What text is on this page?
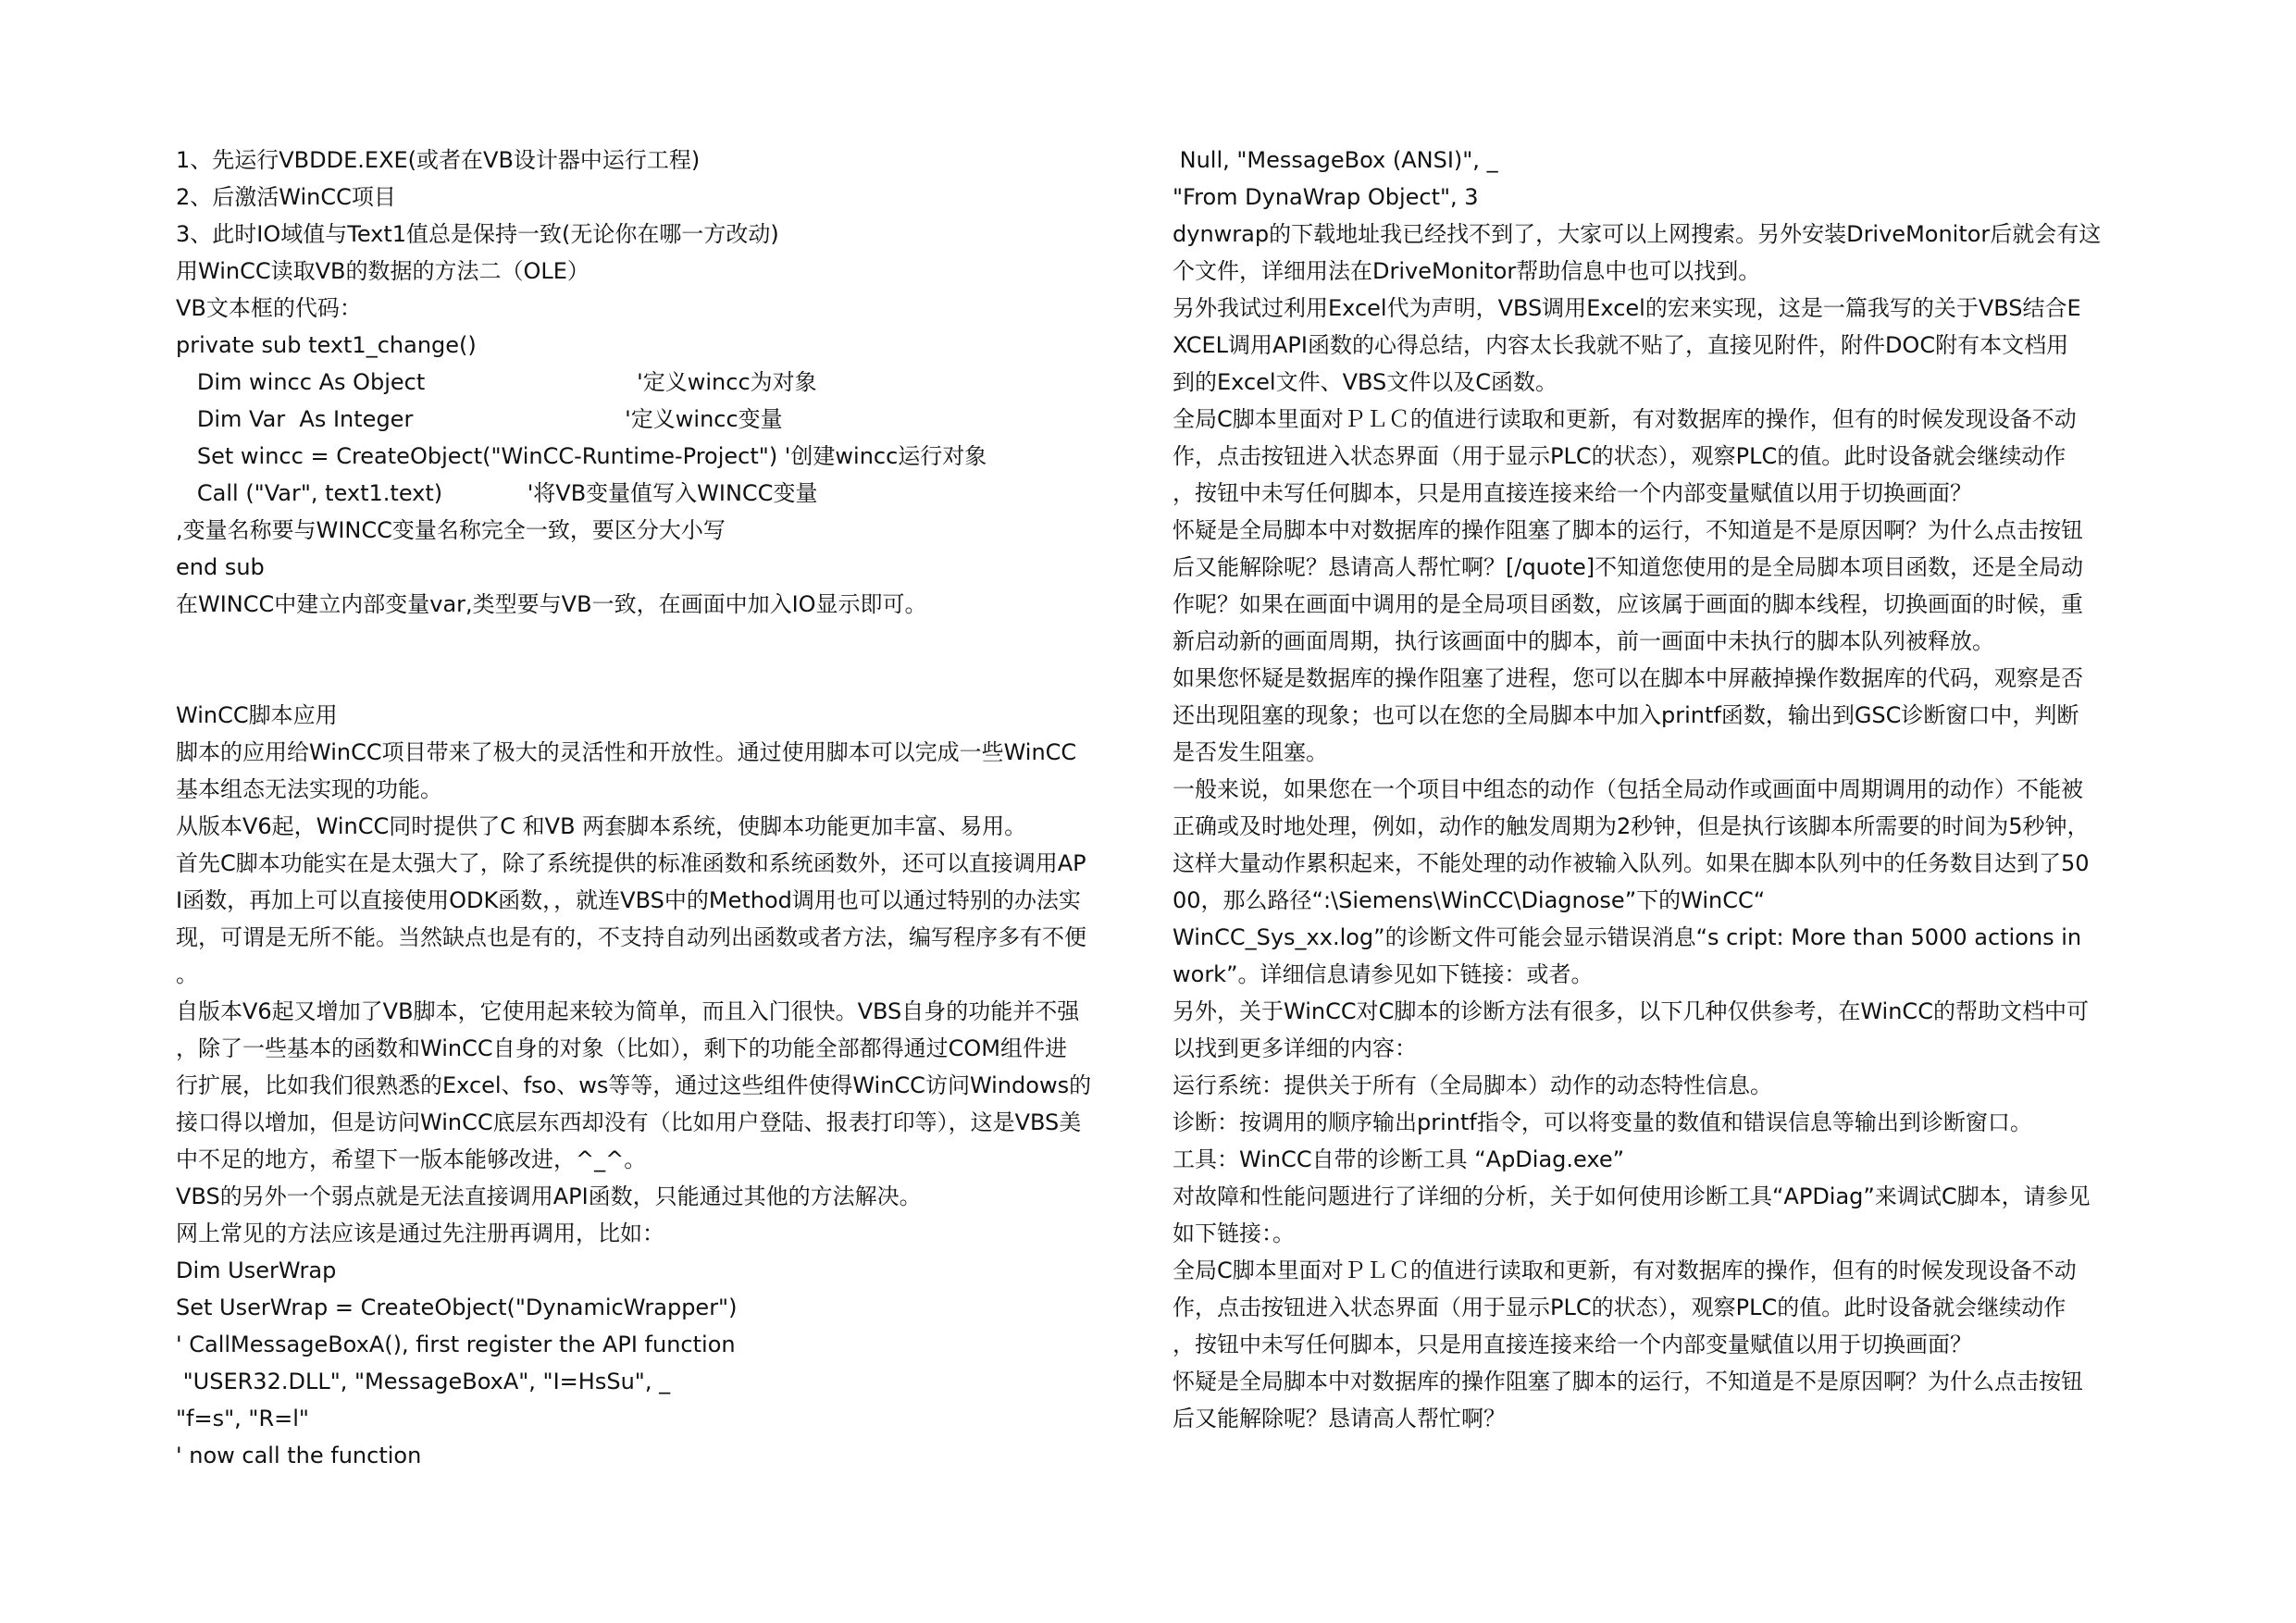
1、先运行VBDDE.EXE(或者在VB设计器中运行工程)
2、后激活WinCC项目
3、此时IO域值与Text1值总是保持一致(无论你在哪一方改动)
用WinCC读取VB的数据的方法二（OLE）
VB文本框的代码：
private sub text1_change()
Dim wincc As Object                              '定义wincc为对象
Dim Var  As Integer                              '定义wincc变量
Set wincc = CreateObject("WinCC-Runtime-Project") '创建wincc运行对象
Call ("Var", text1.text)            '将VB变量值写入WINCC变量
,变量名称要与WINCC变量名称完全一致，要区分大小写
end sub
在WINCC中建立内部变量var,类型要与VB一致，在画面中加入IO显示即可。
WinCC脚本应用
脚本的应用给WinCC项目带来了极大的灵活性和开放性。通过使用脚本可以完成一些WinCC
基本组态无法实现的功能。
从版本V6起，WinCC同时提供了C 和VB 两套脚本系统，使脚本功能更加丰富、易用。
首先C脚本功能实在是太强大了，除了系统提供的标准函数和系统函数外，还可以直接调用AP
I函数，再加上可以直接使用ODK函数，，就连VBS中的Method调用也可以通过特别的办法实
现，可谓是无所不能。当然缺点也是有的，不支持自动列出函数或者方法，编写程序多有不便
。
自版本V6起又增加了VB脚本，它使用起来较为简单，而且入门很快。VBS自身的功能并不强
，除了一些基本的函数和WinCC自身的对象（比如），剩下的功能全部都得通过COM组件进
行扩展，比如我们很熟悉的Excel、fso、ws等等，通过这些组件使得WinCC访问Windows的
接口得以增加，但是访问WinCC底层东西却没有（比如用户登陆、报表打印等），这是VBS美
中不足的地方，希望下一版本能够改进，^_^。
VBS的另外一个弱点就是无法直接调用API函数，只能通过其他的方法解决。
网上常见的方法应该是通过先注册再调用，比如：
Dim UserWrap
Set UserWrap = CreateObject("DynamicWrapper")
' CallMessageBoxA(), first register the API function
"USER32.DLL", "MessageBoxA", "I=HsSu", _
"f=s", "R=l"
' now call the function
Null, "MessageBox (ANSI)", _
"From DynaWrap Object", 3
dynwrap的下载地址我已经找不到了，大家可以上网搜索。另外安装DriveMonitor后就会有这
个文件，详细用法在DriveMonitor帮助信息中也可以找到。
另外我试过利用Excel代为声明，VBS调用Excel的宏来实现，这是一篇我写的关于VBS结合E
XCEL调用API函数的心得总结，内容太长我就不贴了，直接见附件，附件DOC附有本文档用
到的Excel文件、VBS文件以及C函数。
全局C脚本里面对ＰＬＣ的值进行读取和更新，有对数据库的操作，但有的时候发现设备不动
作，点击按钮进入状态界面（用于显示PLC的状态），观察PLC的值。此时设备就会继续动作
，按钮中未写任何脚本，只是用直接连接来给一个内部变量赋值以用于切换画面？
怀疑是全局脚本中对数据库的操作阻塞了脚本的运行，不知道是不是原因啊？为什么点击按钮
后又能解除呢？恳请高人帮忙啊？[/quote]不知道您使用的是全局脚本项目函数，还是全局动
作呢？如果在画面中调用的是全局项目函数，应该属于画面的脚本线程，切换画面的时候，重
新启动新的画面周期，执行该画面中的脚本，前一画面中未执行的脚本队列被释放。
如果您怀疑是数据库的操作阻塞了进程，您可以在脚本中屏蔽掉操作数据库的代码，观察是否
还出现阻塞的现象；也可以在您的全局脚本中加入printf函数，输出到GSC诊断窗口中，判断
是否发生阻塞。
一般来说，如果您在一个项目中组态的动作（包括全局动作或画面中周期调用的动作）不能被
正确或及时地处理，例如，动作的触发周期为2秒钟，但是执行该脚本所需要的时间为5秒钟，
这样大量动作累积起来，不能处理的动作被输入队列。如果在脚本队列中的任务数目达到了50
00，那么路径“:\Siemens\WinCC\Diagnose”下的WinCC“
WinCC_Sys_xx.log”的诊断文件可能会显示错误消息“s cript: More than 5000 actions in
work”。详细信息请参见如下链接：或者。
另外，关于WinCC对C脚本的诊断方法有很多，以下几种仅供参考，在WinCC的帮助文档中可
以找到更多详细的内容：
运行系统：提供关于所有（全局脚本）动作的动态特性信息。
诊断：按调用的顺序输出printf指令，可以将变量的数值和错误信息等输出到诊断窗口。
工具：WinCC自带的诊断工具 “ApDiag.exe”
对故障和性能问题进行了详细的分析，关于如何使用诊断工具“APDiag”来调试C脚本，请参见
如下链接：。
全局C脚本里面对ＰＬＣ的值进行读取和更新，有对数据库的操作，但有的时候发现设备不动
作，点击按钮进入状态界面（用于显示PLC的状态），观察PLC的值。此时设备就会继续动作
，按钮中未写任何脚本，只是用直接连接来给一个内部变量赋值以用于切换画面？
怀疑是全局脚本中对数据库的操作阻塞了脚本的运行，不知道是不是原因啊？为什么点击按钮
后又能解除呢？恳请高人帮忙啊？
